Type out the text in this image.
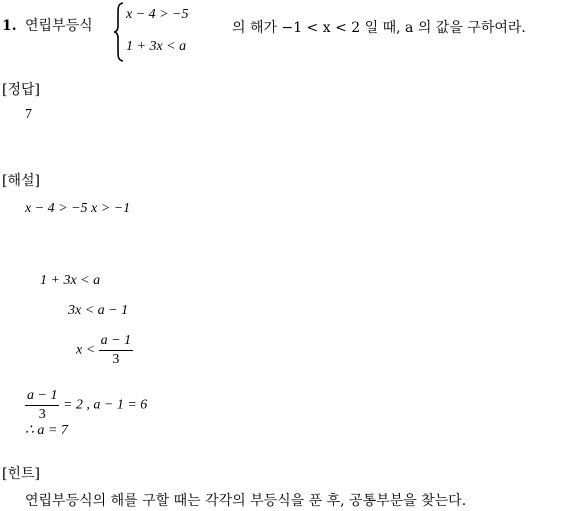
1. 연립부등식
x − 4 > −5
1 + 3x < a
의 해가 −1 < x < 2 일 때, a 의 값을 구하여라.
[정답]
7
[해설]
x − 4 > −5 x > −1
1 + 3x < a
3x < a − 1
$x < \frac{a - 1}{3}$
$\frac{a - 1}{3} = 2$ , a − 1 = 6
∴ a = 7
[힌트]
연립부등식의 해를 구할 때는 각각의 부등식을 푼 후, 공통부분을 찾는다.
